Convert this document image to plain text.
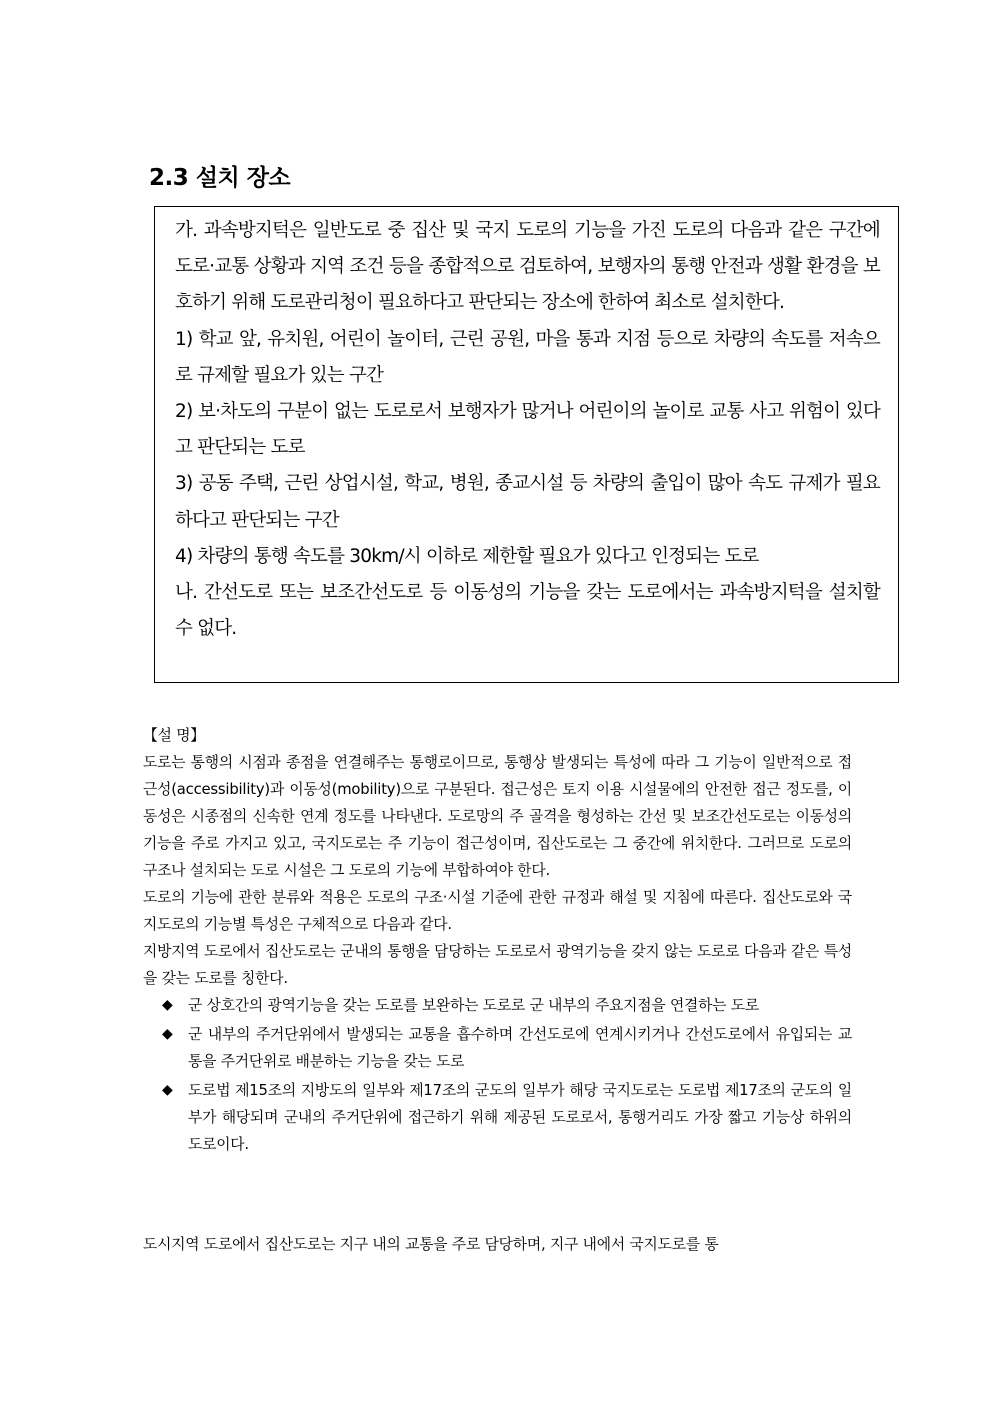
2.3 설치 장소

가. 과속방지턱은 일반도로 중 집산 및 국지 도로의 기능을 가진 도로의 다음과 같은 구간에 도로·교통 상황과 지역 조건 등을 종합적으로 검토하여, 보행자의 통행 안전과 생활 환경을 보호하기 위해 도로관리청이 필요하다고 판단되는 장소에 한하여 최소로 설치한다.

1) 학교 앞, 유치원, 어린이 놀이터, 근린 공원, 마을 통과 지점 등으로 차량의 속도를 저속으로 규제할 필요가 있는 구간

2) 보·차도의 구분이 없는 도로로서 보행자가 많거나 어린이의 놀이로 교통 사고 위험이 있다고 판단되는 도로

3) 공동 주택, 근린 상업시설, 학교, 병원, 종교시설 등 차량의 출입이 많아 속도 규제가 필요하다고 판단되는 구간

4) 차량의 통행 속도를 30km/시 이하로 제한할 필요가 있다고 인정되는 도로

나. 간선도로 또는 보조간선도로 등 이동성의 기능을 갖는 도로에서는 과속방지턱을 설치할 수 없다.

【설 명】

도로는 통행의 시점과 종점을 연결해주는 통행로이므로, 통행상 발생되는 특성에 따라 그 기능이 일반적으로 접근성(accessibility)과 이동성(mobility)으로 구분된다. 접근성은 토지 이용 시설물에의 안전한 접근 정도를, 이동성은 시종점의 신속한 연계 정도를 나타낸다. 도로망의 주 골격을 형성하는 간선 및 보조간선도로는 이동성의 기능을 주로 가지고 있고, 국지도로는 주 기능이 접근성이며, 집산도로는 그 중간에 위치한다. 그러므로 도로의 구조나 설치되는 도로 시설은 그 도로의 기능에 부합하여야 한다.

도로의 기능에 관한 분류와 적용은 도로의 구조·시설 기준에 관한 규정과 해설 및 지침에 따른다. 집산도로와 국지도로의 기능별 특성은 구체적으로 다음과 같다.

지방지역 도로에서 집산도로는 군내의 통행을 담당하는 도로로서 광역기능을 갖지 않는 도로로 다음과 같은 특성을 갖는 도로를 칭한다.

◆ 군 상호간의 광역기능을 갖는 도로를 보완하는 도로로 군 내부의 주요지점을 연결하는 도로
◆ 군 내부의 주거단위에서 발생되는 교통을 흡수하며 간선도로에 연계시키거나 간선도로에서 유입되는 교통을 주거단위로 배분하는 기능을 갖는 도로
◆ 도로법 제15조의 지방도의 일부와 제17조의 군도의 일부가 해당 국지도로는 도로법 제17조의 군도의 일부가 해당되며 군내의 주거단위에 접근하기 위해 제공된 도로로서, 통행거리도 가장 짧고 기능상 하위의 도로이다.

도시지역 도로에서 집산도로는 지구 내의 교통을 주로 담당하며, 지구 내에서 국지도로를 통
